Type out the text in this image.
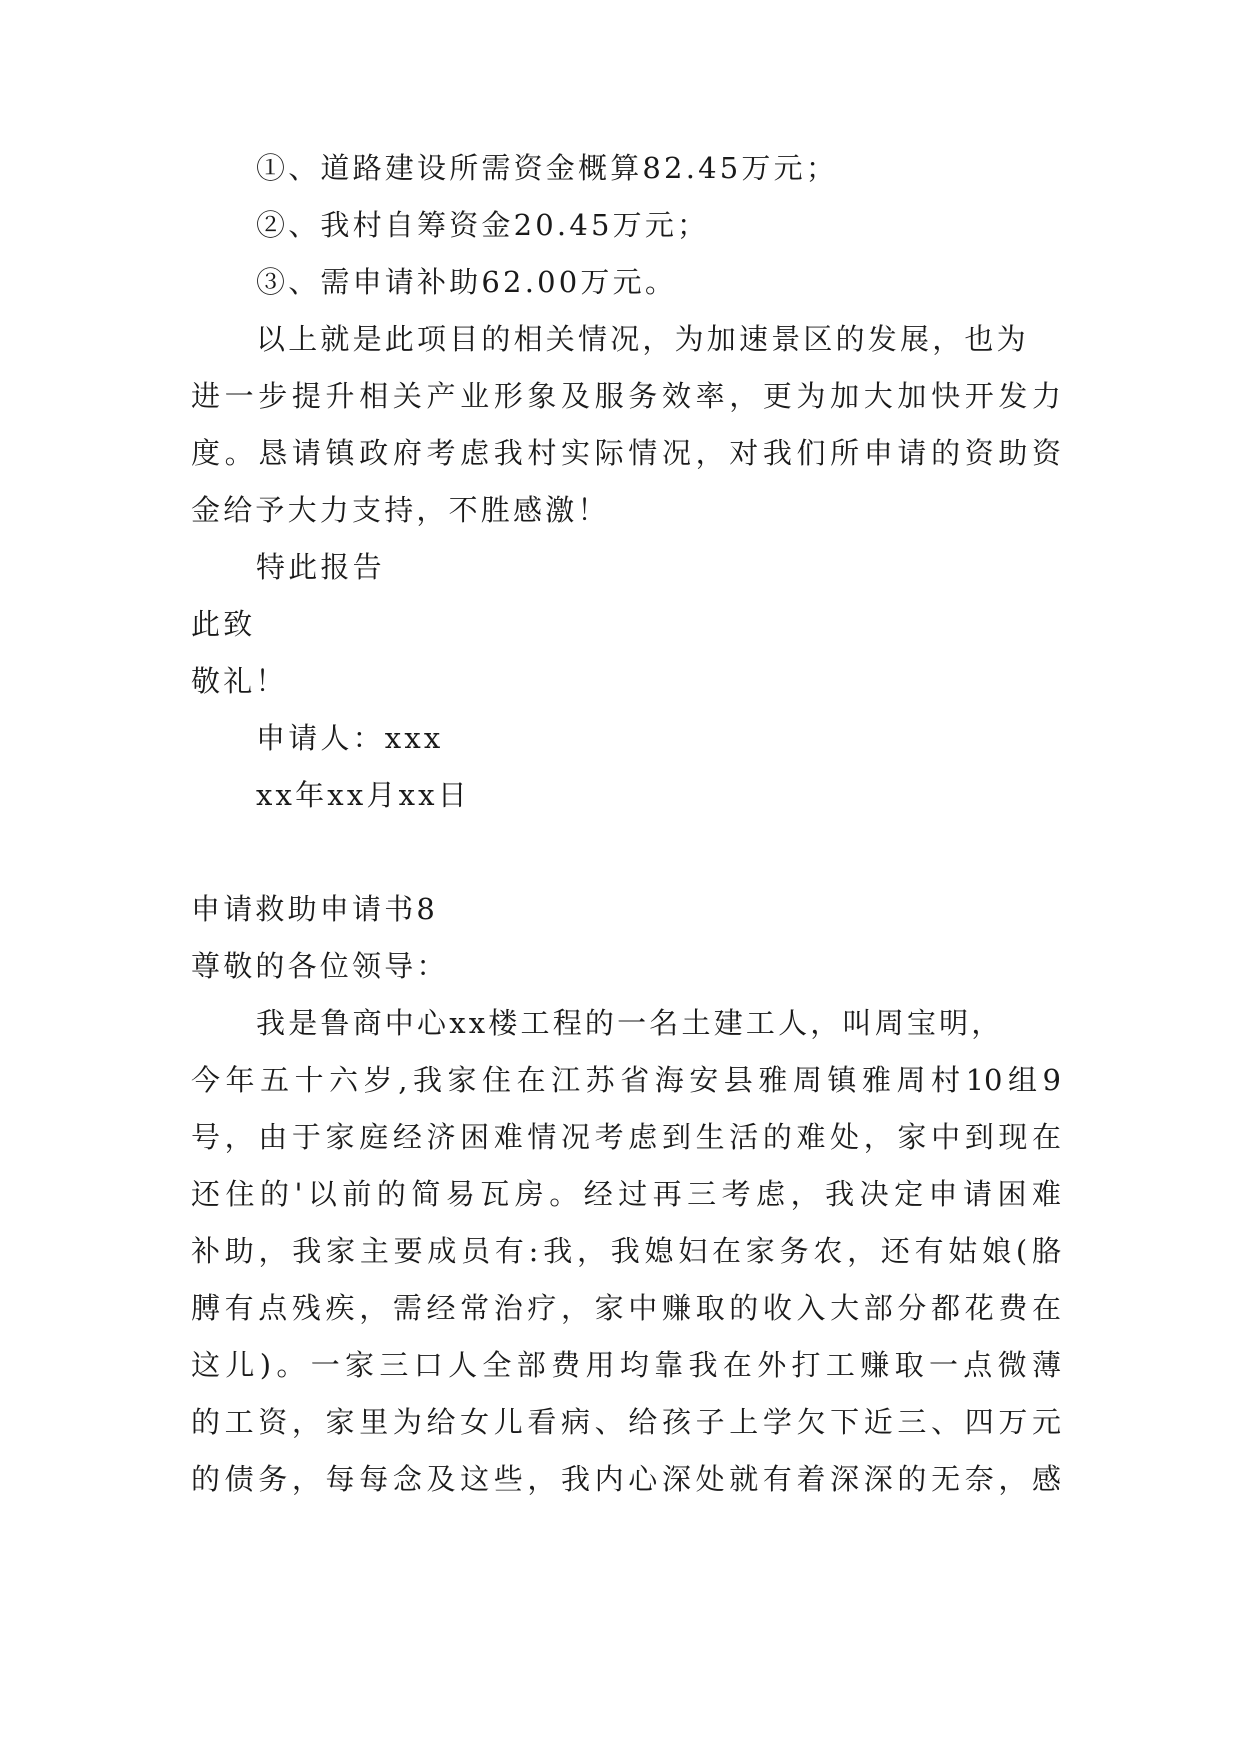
①、道路建设所需资金概算82.45万元；
②、我村自筹资金20.45万元；
③、需申请补助62.00万元。
以上就是此项目的相关情况，为加速景区的发展，也为
进一步提升相关产业形象及服务效率，更为加大加快开发力
度。恳请镇政府考虑我村实际情况，对我们所申请的资助资
金给予大力支持，不胜感激！
特此报告
此致
敬礼！
申请人：xxx
xx年xx月xx日
申请救助申请书8
尊敬的各位领导：
我是鲁商中心xx楼工程的一名土建工人，叫周宝明，
今年五十六岁,我家住在江苏省海安县雅周镇雅周村10组9
号，由于家庭经济困难情况考虑到生活的难处，家中到现在
还住的'以前的简易瓦房。经过再三考虑，我决定申请困难
补助，我家主要成员有:我，我媳妇在家务农，还有姑娘(胳
膊有点残疾，需经常治疗，家中赚取的收入大部分都花费在
这儿)。一家三口人全部费用均靠我在外打工赚取一点微薄
的工资，家里为给女儿看病、给孩子上学欠下近三、四万元
的债务，每每念及这些，我内心深处就有着深深的无奈，感
